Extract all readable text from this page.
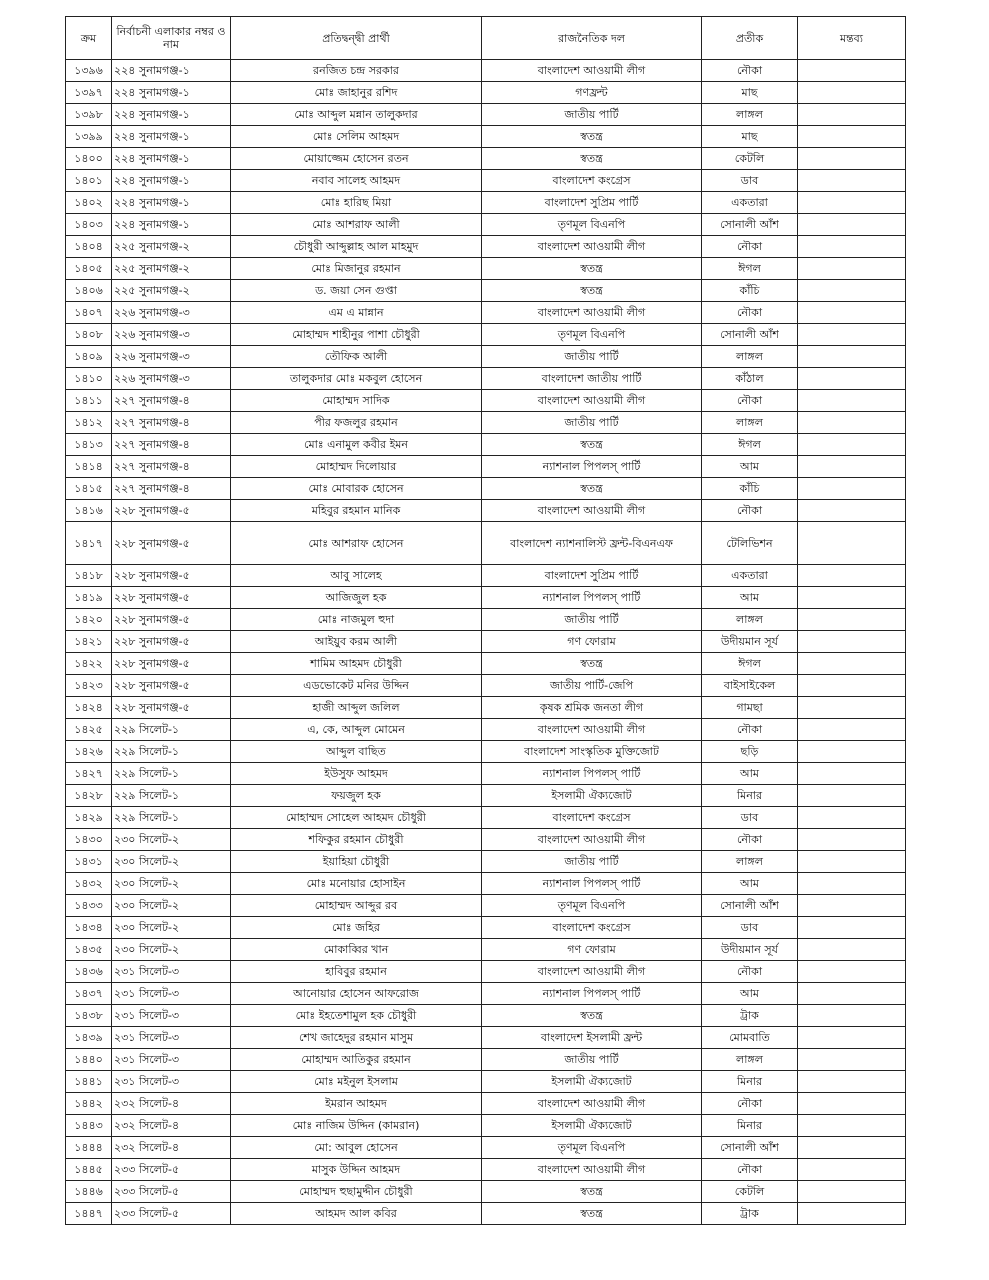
ক্রম	নির্বাচনী এলাকার নম্বর ও নাম	প্রতিদ্বন্দ্বী প্রার্থী	রাজনৈতিক দল	প্রতীক	মন্তব্য
১৩৯৬	২২৪ সুনামগঞ্জ-১	রনজিত চন্দ্র সরকার	বাংলাদেশ আওয়ামী লীগ	নৌকা	
১৩৯৭	২২৪ সুনামগঞ্জ-১	মোঃ জাহানুর রশিদ	গণফ্রন্ট	মাছ	
১৩৯৮	২২৪ সুনামগঞ্জ-১	মোঃ আব্দুল মন্নান তালুকদার	জাতীয় পার্টি	লাঙ্গল	
১৩৯৯	২২৪ সুনামগঞ্জ-১	মোঃ সেলিম আহমদ	স্বতন্ত্র	মাছ	
১৪০০	২২৪ সুনামগঞ্জ-১	মোয়াজ্জেম হোসেন রতন	স্বতন্ত্র	কেটলি	
১৪০১	২২৪ সুনামগঞ্জ-১	নবাব সালেহ আহমদ	বাংলাদেশ কংগ্রেস	ডাব	
১৪০২	২২৪ সুনামগঞ্জ-১	মোঃ হারিছ মিয়া	বাংলাদেশ সুপ্রিম পার্টি	একতারা	
১৪০৩	২২৪ সুনামগঞ্জ-১	মোঃ আশরাফ আলী	তৃণমূল বিএনপি	সোনালী আঁশ	
১৪০৪	২২৫ সুনামগঞ্জ-২	চৌধুরী আব্দুল্লাহ আল মাহমুদ	বাংলাদেশ আওয়ামী লীগ	নৌকা	
১৪০৫	২২৫ সুনামগঞ্জ-২	মোঃ মিজানুর রহমান	স্বতন্ত্র	ঈগল	
১৪০৬	২২৫ সুনামগঞ্জ-২	ড. জয়া সেন গুপ্তা	স্বতন্ত্র	কাঁচি	
১৪০৭	২২৬ সুনামগঞ্জ-৩	এম এ মান্নান	বাংলাদেশ আওয়ামী লীগ	নৌকা	
১৪০৮	২২৬ সুনামগঞ্জ-৩	মোহাম্মদ শাহীনুর পাশা চৌধুরী	তৃণমূল বিএনপি	সোনালী আঁশ	
১৪০৯	২২৬ সুনামগঞ্জ-৩	তৌফিক আলী	জাতীয় পার্টি	লাঙ্গল	
১৪১০	২২৬ সুনামগঞ্জ-৩	তালুকদার মোঃ মকবুল হোসেন	বাংলাদেশ জাতীয় পার্টি	কাঁঠাল	
১৪১১	২২৭ সুনামগঞ্জ-৪	মোহাম্মদ সাদিক	বাংলাদেশ আওয়ামী লীগ	নৌকা	
১৪১২	২২৭ সুনামগঞ্জ-৪	পীর ফজলুর রহমান	জাতীয় পার্টি	লাঙ্গল	
১৪১৩	২২৭ সুনামগঞ্জ-৪	মোঃ এনামুল কবীর ইমন	স্বতন্ত্র	ঈগল	
১৪১৪	২২৭ সুনামগঞ্জ-৪	মোহাম্মদ দিলোয়ার	ন্যাশনাল পিপলস্ পার্টি	আম	
১৪১৫	২২৭ সুনামগঞ্জ-৪	মোঃ মোবারক হোসেন	স্বতন্ত্র	কাঁচি	
১৪১৬	২২৮ সুনামগঞ্জ-৫	মহিবুর রহমান মানিক	বাংলাদেশ আওয়ামী লীগ	নৌকা	
১৪১৭	২২৮ সুনামগঞ্জ-৫	মোঃ আশরাফ হোসেন	বাংলাদেশ ন্যাশনালিস্ট ফ্রন্ট-বিএনএফ	টেলিভিশন	
১৪১৮	২২৮ সুনামগঞ্জ-৫	আবু সালেহ	বাংলাদেশ সুপ্রিম পার্টি	একতারা	
১৪১৯	২২৮ সুনামগঞ্জ-৫	আজিজুল হক	ন্যাশনাল পিপলস্ পার্টি	আম	
১৪২০	২২৮ সুনামগঞ্জ-৫	মোঃ নাজমুল হুদা	জাতীয় পার্টি	লাঙ্গল	
১৪২১	২২৮ সুনামগঞ্জ-৫	আইয়ুব করম আলী	গণ ফোরাম	উদীয়মান সূর্য	
১৪২২	২২৮ সুনামগঞ্জ-৫	শামিম আহমদ চৌধুরী	স্বতন্ত্র	ঈগল	
১৪২৩	২২৮ সুনামগঞ্জ-৫	এডভোকেট মনির উদ্দিন	জাতীয় পার্টি-জেপি	বাইসাইকেল	
১৪২৪	২২৮ সুনামগঞ্জ-৫	হাজী আব্দুল জলিল	কৃষক শ্রমিক জনতা লীগ	গামছা	
১৪২৫	২২৯ সিলেট-১	এ, কে, আব্দুল মোমেন	বাংলাদেশ আওয়ামী লীগ	নৌকা	
১৪২৬	২২৯ সিলেট-১	আব্দুল বাছিত	বাংলাদেশ সাংস্কৃতিক মুক্তিজোট	ছড়ি	
১৪২৭	২২৯ সিলেট-১	ইউসুফ আহমদ	ন্যাশনাল পিপলস্ পার্টি	আম	
১৪২৮	২২৯ সিলেট-১	ফয়জুল হক	ইসলামী ঐক্যজোট	মিনার	
১৪২৯	২২৯ সিলেট-১	মোহাম্মদ সোহেল আহমদ চৌধুরী	বাংলাদেশ কংগ্রেস	ডাব	
১৪৩০	২৩০ সিলেট-২	শফিকুর রহমান চৌধুরী	বাংলাদেশ আওয়ামী লীগ	নৌকা	
১৪৩১	২৩০ সিলেট-২	ইয়াহিয়া চৌধুরী	জাতীয় পার্টি	লাঙ্গল	
১৪৩২	২৩০ সিলেট-২	মোঃ মনোয়ার হোসাইন	ন্যাশনাল পিপলস্ পার্টি	আম	
১৪৩৩	২৩০ সিলেট-২	মোহাম্মদ আব্দুর রব	তৃণমূল বিএনপি	সোনালী আঁশ	
১৪৩৪	২৩০ সিলেট-২	মোঃ জহির	বাংলাদেশ কংগ্রেস	ডাব	
১৪৩৫	২৩০ সিলেট-২	মোকাব্বির খান	গণ ফোরাম	উদীয়মান সূর্য	
১৪৩৬	২৩১ সিলেট-৩	হাবিবুর রহমান	বাংলাদেশ আওয়ামী লীগ	নৌকা	
১৪৩৭	২৩১ সিলেট-৩	আনোয়ার হোসেন আফরোজ	ন্যাশনাল পিপলস্ পার্টি	আম	
১৪৩৮	২৩১ সিলেট-৩	মোঃ ইহতেশামুল হক চৌধুরী	স্বতন্ত্র	ট্রাক	
১৪৩৯	২৩১ সিলেট-৩	শেখ জাহেদুর রহমান মাসুম	বাংলাদেশ ইসলামী ফ্রন্ট	মোমবাতি	
১৪৪০	২৩১ সিলেট-৩	মোহাম্মদ আতিকুর রহমান	জাতীয় পার্টি	লাঙ্গল	
১৪৪১	২৩১ সিলেট-৩	মোঃ মইনুল ইসলাম	ইসলামী ঐক্যজোট	মিনার	
১৪৪২	২৩২ সিলেট-৪	ইমরান আহমদ	বাংলাদেশ আওয়ামী লীগ	নৌকা	
১৪৪৩	২৩২ সিলেট-৪	মোঃ নাজিম উদ্দিন (কামরান)	ইসলামী ঐক্যজোট	মিনার	
১৪৪৪	২৩২ সিলেট-৪	মো: আবুল হোসেন	তৃণমূল বিএনপি	সোনালী আঁশ	
১৪৪৫	২৩৩ সিলেট-৫	মাসুক উদ্দিন আহমদ	বাংলাদেশ আওয়ামী লীগ	নৌকা	
১৪৪৬	২৩৩ সিলেট-৫	মোহাম্মদ হুছামুদ্দীন চৌধুরী	স্বতন্ত্র	কেটলি	
১৪৪৭	২৩৩ সিলেট-৫	আহমদ আল কবির	স্বতন্ত্র	ট্রাক	
